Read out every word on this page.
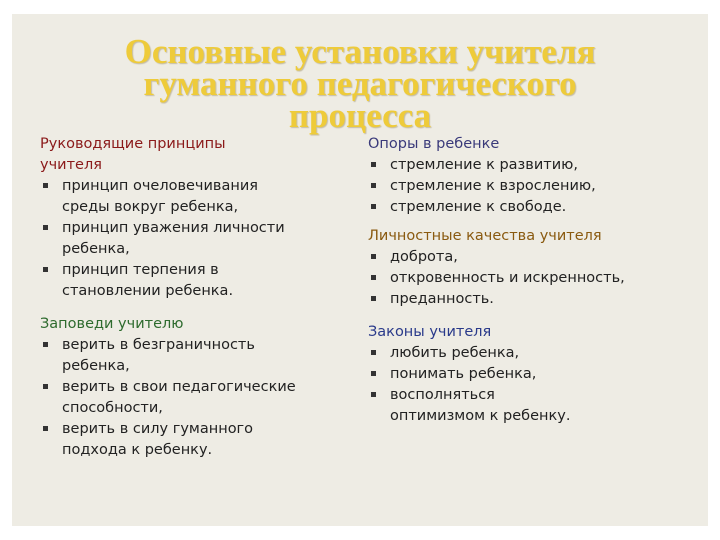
Основные установки учителя
гуманного педагогического
процесса
Руководящие принципы
учителя
принцип очеловечивания
среды вокруг ребенка,
принцип уважения личности
ребенка,
принцип терпения в
становлении ребенка.
Заповеди учителю
верить в безграничность
ребенка,
верить в свои педагогические
способности,
верить в силу гуманного
подхода к ребенку.
Опоры в ребенке
стремление к развитию,
стремление к взрослению,
стремление к свободе.
Личностные качества учителя
доброта,
откровенность и искренность,
преданность.
Законы учителя
любить ребенка,
понимать ребенка,
восполняться
оптимизмом к ребенку.
